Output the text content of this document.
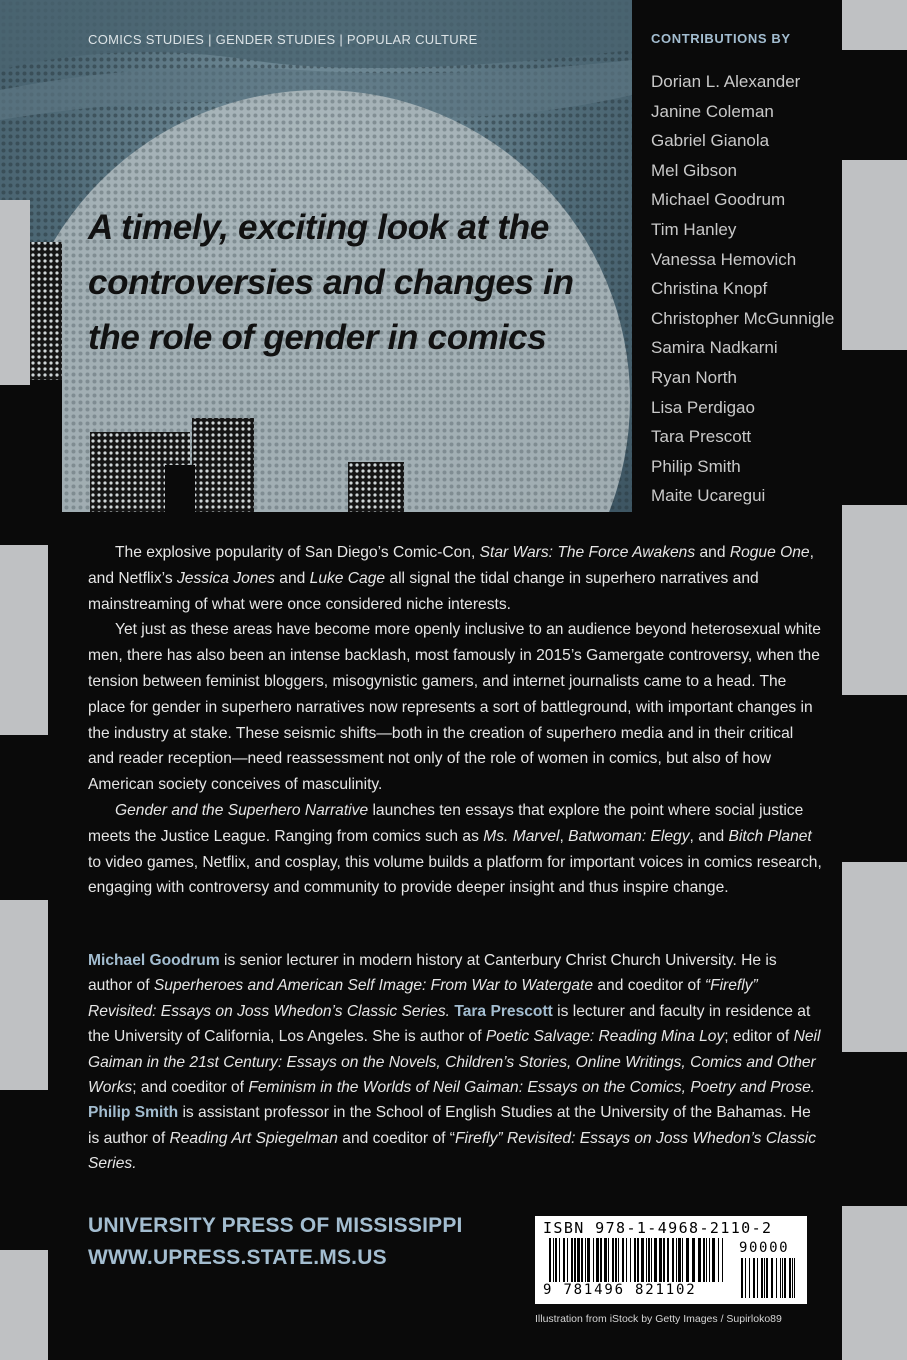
COMICS STUDIES | GENDER STUDIES | POPULAR CULTURE
A timely, exciting look at the controversies and changes in the role of gender in comics
CONTRIBUTIONS BY
Dorian L. Alexander
Janine Coleman
Gabriel Gianola
Mel Gibson
Michael Goodrum
Tim Hanley
Vanessa Hemovich
Christina Knopf
Christopher McGunnigle
Samira Nadkarni
Ryan North
Lisa Perdigao
Tara Prescott
Philip Smith
Maite Ucaregui

The explosive popularity of San Diego’s Comic-Con, Star Wars: The Force Awakens and Rogue One, and Netflix’s Jessica Jones and Luke Cage all signal the tidal change in superhero narratives and mainstreaming of what were once considered niche interests.

Yet just as these areas have become more openly inclusive to an audience beyond heterosexual white men, there has also been an intense backlash, most famously in 2015’s Gamergate controversy, when the tension between feminist bloggers, misogynistic gamers, and internet journalists came to a head. The place for gender in superhero narratives now represents a sort of battleground, with important changes in the industry at stake. These seismic shifts—both in the creation of superhero media and in their critical and reader reception—need reassessment not only of the role of women in comics, but also of how American society conceives of masculinity.

Gender and the Superhero Narrative launches ten essays that explore the point where social justice meets the Justice League. Ranging from comics such as Ms. Marvel, Batwoman: Elegy, and Bitch Planet to video games, Netflix, and cosplay, this volume builds a platform for important voices in comics research, engaging with controversy and community to provide deeper insight and thus inspire change.

Michael Goodrum is senior lecturer in modern history at Canterbury Christ Church University. He is author of Superheroes and American Self Image: From War to Watergate and coeditor of “Firefly” Revisited: Essays on Joss Whedon’s Classic Series. Tara Prescott is lecturer and faculty in residence at the University of California, Los Angeles. She is author of Poetic Salvage: Reading Mina Loy; editor of Neil Gaiman in the 21st Century: Essays on the Novels, Children’s Stories, Online Writings, Comics and Other Works; and coeditor of Feminism in the Worlds of Neil Gaiman: Essays on the Comics, Poetry and Prose. Philip Smith is assistant professor in the School of English Studies at the University of the Bahamas. He is author of Reading Art Spiegelman and coeditor of “Firefly” Revisited: Essays on Joss Whedon’s Classic Series.

UNIVERSITY PRESS OF MISSISSIPPI
WWW.UPRESS.STATE.MS.US
ISBN 978-1-4968-2110-2
90000
9 781496 821102
Illustration from iStock by Getty Images / Supirloko89
